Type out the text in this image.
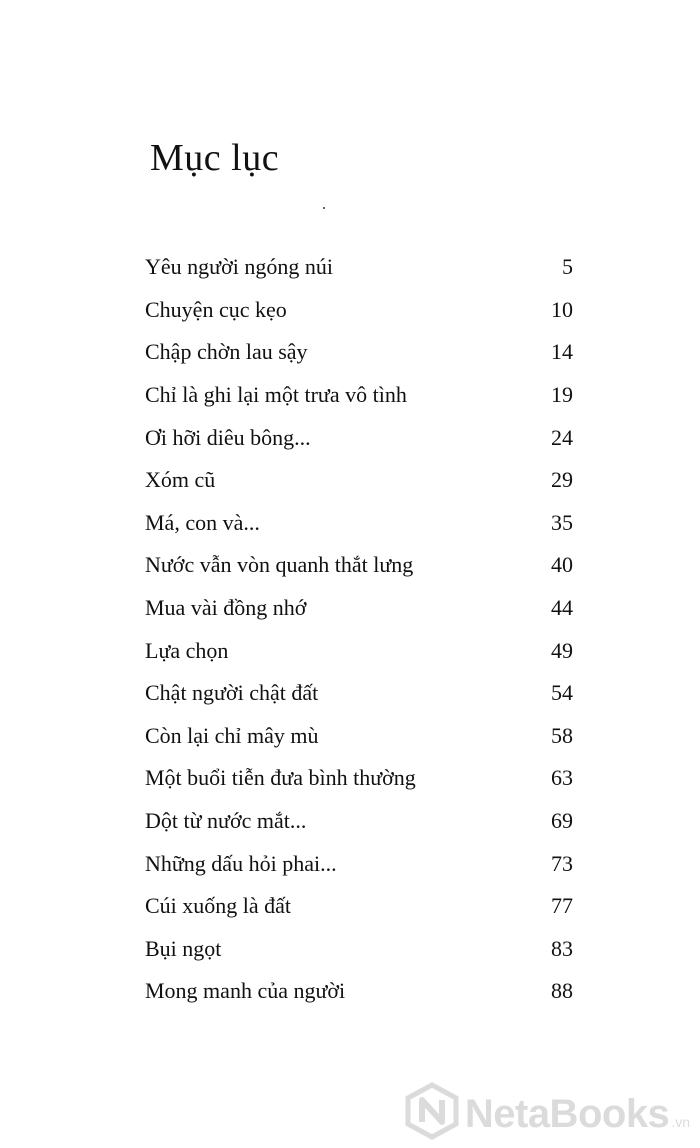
Mục lục
Yêu người ngóng núi	5
Chuyện cục kẹo	10
Chập chờn lau sậy	14
Chỉ là ghi lại một trưa vô tình	19
Ơi hỡi diêu bông...	24
Xóm cũ	29
Má, con và...	35
Nước vẫn vòn quanh thắt lưng	40
Mua vài đồng nhớ	44
Lựa chọn	49
Chật người chật đất	54
Còn lại chỉ mây mù	58
Một buổi tiễn đưa bình thường	63
Dột từ nước mắt...	69
Những dấu hỏi phai...	73
Cúi xuống là đất	77
Bụi ngọt	83
Mong manh của người	88
NetaBooks .vn
